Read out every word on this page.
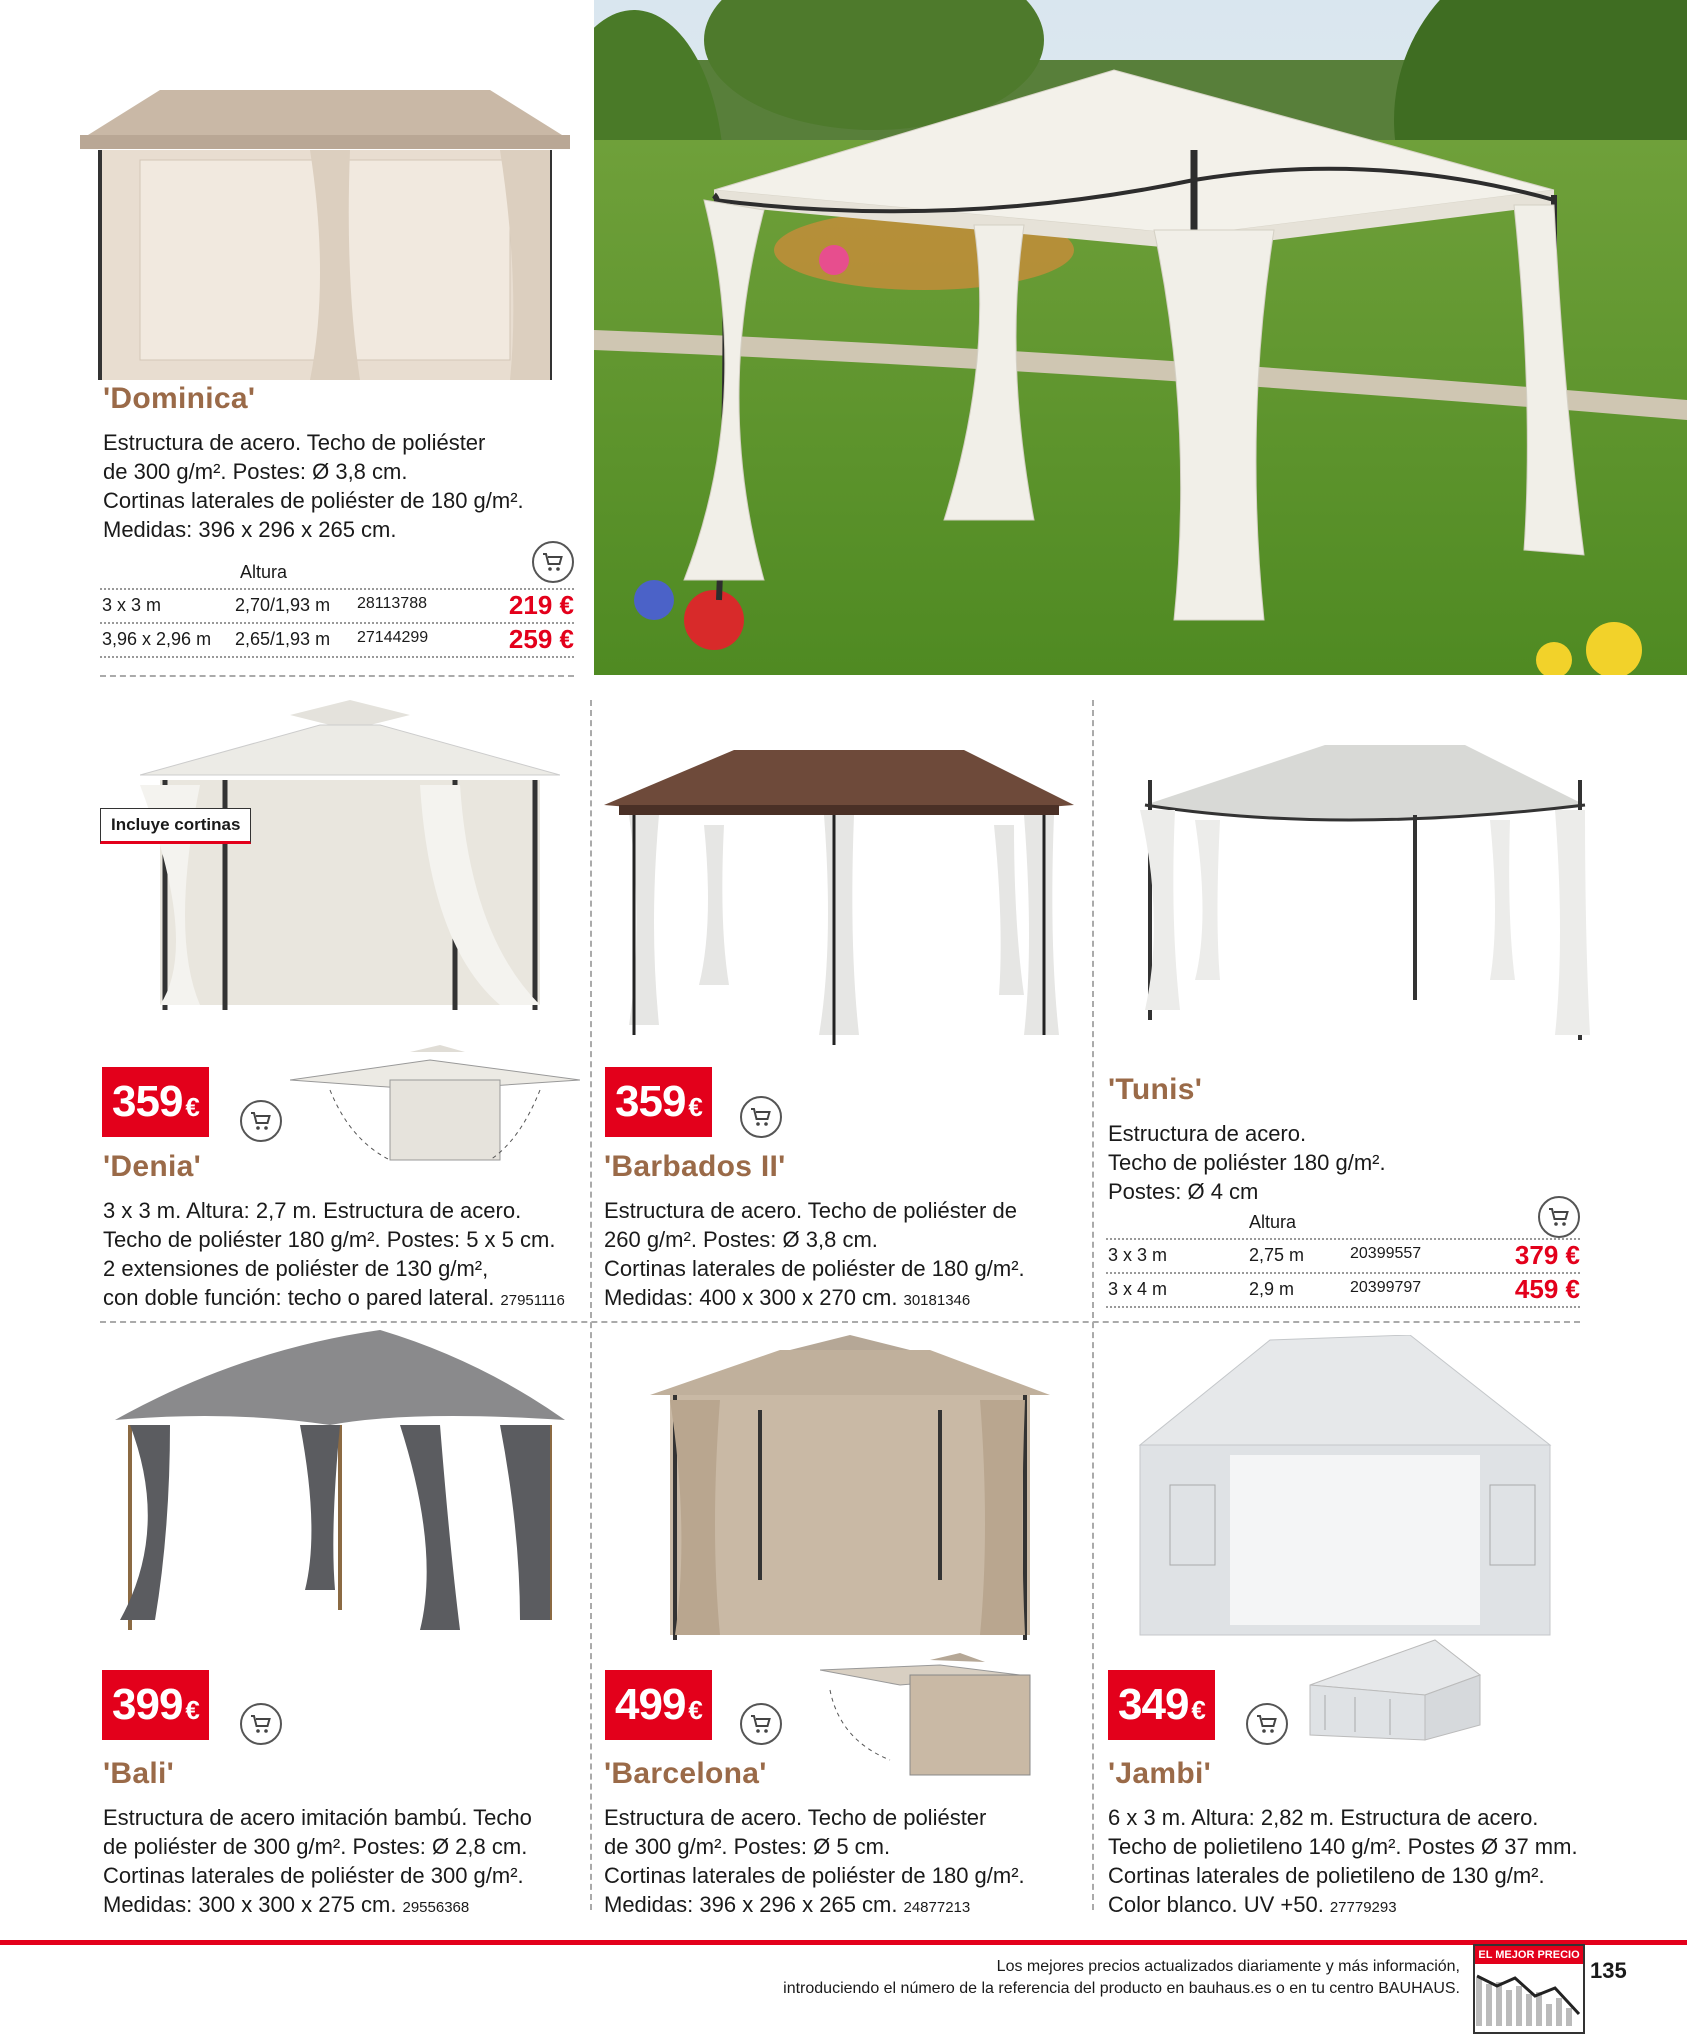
'Dominica'
Estructura de acero. Techo de poliéster
de 300 g/m². Postes: Ø 3,8 cm.
Cortinas laterales de poliéster de 180 g/m².
Medidas: 396 x 296 x 265 cm.
Altura
3 x 3 m	2,70/1,93 m 28113788	219 €
3,96 x 2,96 m 2,65/1,93 m 27144299	259 €
Incluye cortinas
359 €
'Denia'
3 x 3 m. Altura: 2,7 m. Estructura de acero.
Techo de poliéster 180 g/m². Postes: 5 x 5 cm.
2 extensiones de poliéster de 130 g/m²,
con doble función: techo o pared lateral. 27951116
359 €
'Barbados II'
Estructura de acero. Techo de poliéster de
260 g/m². Postes: Ø 3,8 cm.
Cortinas laterales de poliéster de 180 g/m².
Medidas: 400 x 300 x 270 cm. 30181346
'Tunis'
Estructura de acero.
Techo de poliéster 180 g/m².
Postes: Ø 4 cm
Altura
3 x 3 m	2,75 m	20399557	379 €
3 x 4 m	2,9 m	20399797	459 €
399 €
'Bali'
Estructura de acero imitación bambú. Techo
de poliéster de 300 g/m². Postes: Ø 2,8 cm.
Cortinas laterales de poliéster de 300 g/m².
Medidas: 300 x 300 x 275 cm. 29556368
499 €
'Barcelona'
Estructura de acero. Techo de poliéster
de 300 g/m². Postes: Ø 5 cm.
Cortinas laterales de poliéster de 180 g/m².
Medidas: 396 x 296 x 265 cm. 24877213
349 €
'Jambi'
6 x 3 m. Altura: 2,82 m. Estructura de acero.
Techo de polietileno 140 g/m². Postes Ø 37 mm.
Cortinas laterales de polietileno de 130 g/m².
Color blanco. UV +50. 27779293
Los mejores precios actualizados diariamente y más información,
introduciendo el número de la referencia del producto en bauhaus.es o en tu centro BAUHAUS.
EL MEJOR PRECIO
135
